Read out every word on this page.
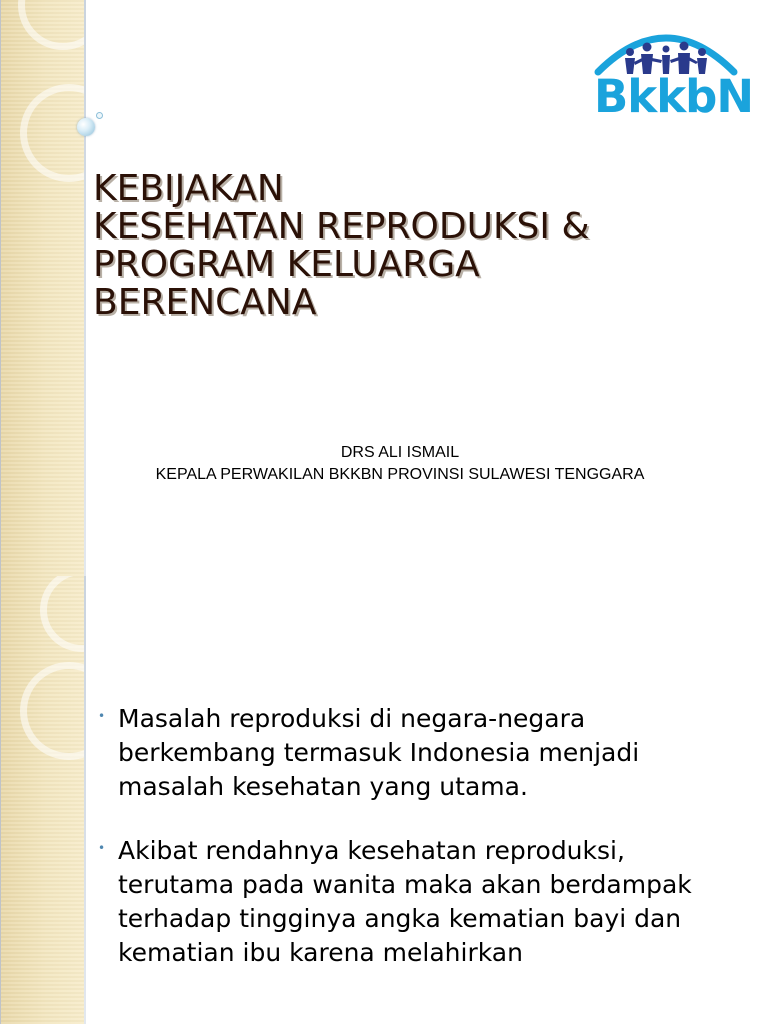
BkkbN
KEBIJAKAN
KESEHATAN REPRODUKSI &
PROGRAM KELUARGA
BERENCANA
DRS ALI ISMAIL
KEPALA PERWAKILAN BKKBN PROVINSI SULAWESI TENGGARA
• Masalah reproduksi di negara-negara berkembang termasuk Indonesia menjadi masalah kesehatan yang utama.
• Akibat rendahnya kesehatan reproduksi, terutama pada wanita maka akan berdampak terhadap tingginya angka kematian bayi dan kematian ibu karena melahirkan
